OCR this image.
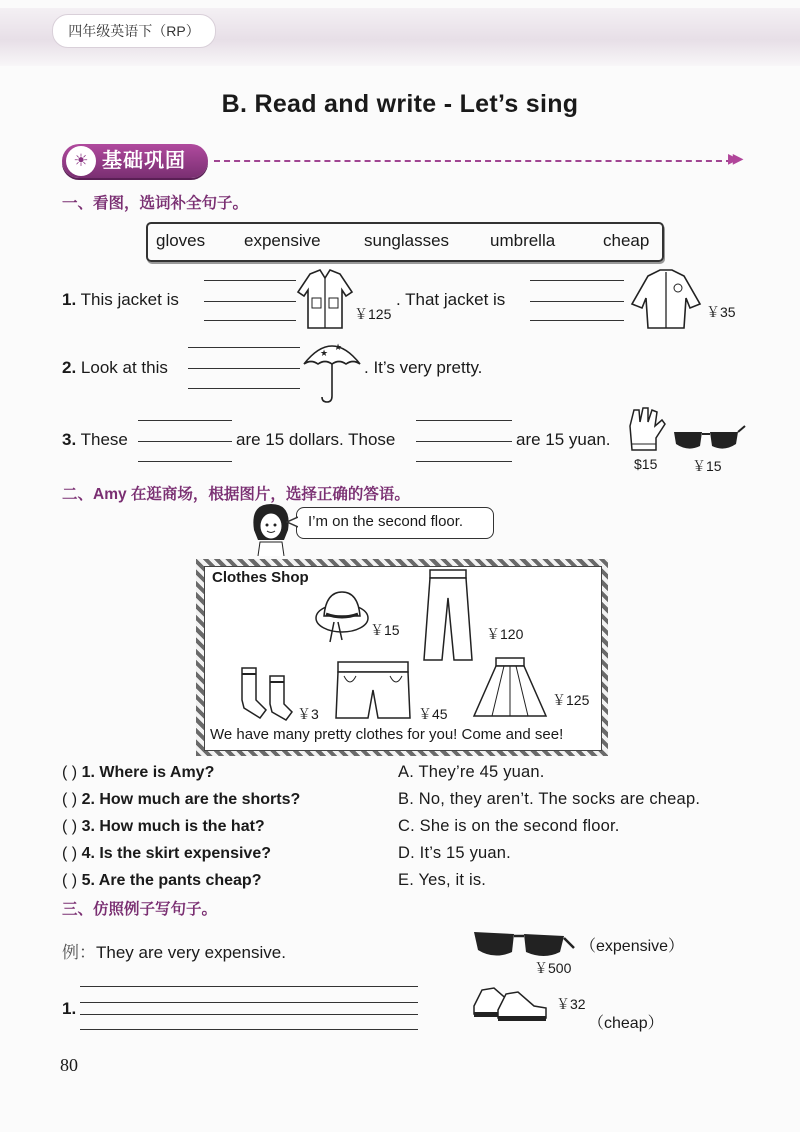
四年级英语下（RP）
B. Read and write - Let’s sing
☀ 基础巩固	▶▶
一、看图，选词补全句子。
gloves expensive	sunglasses umbrella	cheap
1. This jacket is
￥125
. That jacket is
￥35
2. Look at this
★
★
. It’s very pretty.
3. These	are 15 dollars. Those	are 15 yuan.
$15 ￥15
二、Amy 在逛商场，根据图片，选择正确的答语。
I’m on the second floor.
Clothes Shop
￥15	￥120
￥3	￥45
￥125
We have many pretty clothes for you! Come and see!
( ) 1. Where is Amy?
( ) 2. How much are the shorts?
( ) 3. How much is the hat?
( ) 4. Is the skirt expensive?
( ) 5. Are the pants cheap?
A. They’re 45 yuan.
B. No, they aren’t. The socks are cheap.
C. She is on the second floor.
D. It’s 15 yuan.
E. Yes, it is.
三、仿照例子写句子。
例：They are very expensive.
￥500
（expensive）
1.	￥32
（cheap）
80
